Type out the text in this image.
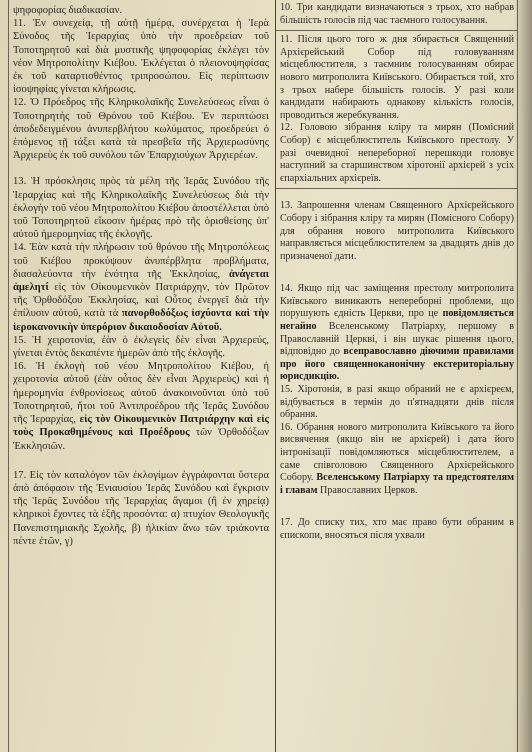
ψηφοφορίας διαδικασίαν.

11. Ἐν συνεχείᾳ, τῇ αὐτῇ ἡμέρᾳ, συνέρχεται ἡ Ἱερὰ Σύνοδος τῆς Ἱεραρχίας ὑπὸ τὴν προεδρείαν τοῦ Τοποτηρητοῦ καὶ διὰ μυστικῆς ψηφοφορίας ἐκλέγει τὸν νέον Μητροπολίτην Κιέβου. Ἐκλέγεται ὁ πλειονοψηφίσας ἐκ τοῦ καταρτισθέντος τριπροσώπου. Εἰς περίπτωσιν ἰσοψηφίας γίνεται κλήρωσις.

12. Ὁ Πρόεδρος τῆς Κληρικολαϊκῆς Συνελεύσεως εἶναι ὁ Τοποτηρητὴς τοῦ Θρόνου τοῦ Κιέβου. Ἐν περιπτώσει ἀποδεδειγμένου ἀνυπερβλήτου κωλύματος, προεδρεύει ὁ ἑπόμενος τῇ τάξει κατὰ τὰ πρεσβεῖα τῆς Ἀρχιερωσύνης Ἀρχιερεὺς ἐκ τοῦ συνόλου τῶν Ἐπαρχιούχων Ἀρχιερέων.

13. Ἡ πρόσκλησις πρὸς τὰ μέλη τῆς Ἱερᾶς Συνόδου τῆς Ἱεραρχίας καὶ τῆς Κληρικολαϊκῆς Συνελεύσεως διὰ τὴν ἐκλογὴν τοῦ νέου Μητροπολίτου Κιέβου ἀποστέλλεται ὑπὸ τοῦ Τοποτηρητοῦ εἴκοσιν ἡμέρας πρὸ τῆς ὁρισθείσης ὑπ' αὐτοῦ ἡμερομηνίας τῆς ἐκλογῆς.

14. Ἐὰν κατὰ τὴν πλήρωσιν τοῦ θρόνου τῆς Μητροπόλεως τοῦ Κιέβου προκύψουν ἀνυπέρβλητα προβλήματα, διασαλεύοντα τὴν ἑνότητα τῆς Ἐκκλησίας, ἀνάγεται ἀμελητί εἰς τὸν Οἰκουμενικὸν Πατριάρχην, τὸν Πρῶτον τῆς Ὀρθοδόξου Ἐκκλησίας, καὶ Οὗτος ἐνεργεῖ διὰ τὴν ἐπίλυσιν αὐτοῦ, κατὰ τὰ πανορθοδόξως ἰσχύοντα καὶ τὴν ἱεροκανονικὴν ὑπερόριον δικαιοδοσίαν Αὐτοῦ.

15. Ἡ χειροτονία, ἐὰν ὁ ἐκλεγεὶς δὲν εἶναι Ἀρχιερεύς, γίνεται ἐντὸς δεκαπέντε ἡμερῶν ἀπὸ τῆς ἐκλογῆς.

16. Ἡ ἐκλογὴ τοῦ νέου Μητροπολίτου Κιέβου, ἡ χειροτονία αὐτοῦ (ἐὰν οὗτος δὲν εἶναι Ἀρχιερεὺς) καὶ ἡ ἡμερομηνία ἐνθρονίσεως αὐτοῦ ἀνακοινοῦνται ὑπὸ τοῦ Τοποτηρητοῦ, ἤτοι τοῦ Ἀντιπροέδρου τῆς Ἱερᾶς Συνόδου τῆς Ἱεραρχίας, εἰς τὸν Οἰκουμενικὸν Πατριάρχην καὶ εἰς τοὺς Προκαθημένους καὶ Προέδρους τῶν Ὀρθοδόξων Ἐκκλησιῶν.

17. Εἰς τὸν καταλόγον τῶν ἐκλογίμων ἐγγράφονται ὕστερα ἀπὸ ἀπόφασιν τῆς Ἐνιαυσίου Ἱερᾶς Συνόδου καὶ ἔγκρισιν τῆς Ἱερᾶς Συνόδου τῆς Ἱεραρχίας ἄγαμοι (ἢ ἐν χηρείᾳ) κληρικοὶ ἔχοντες τὰ ἑξῆς προσόντα: α) πτυχίον Θεολογικῆς Πανεπιστημιακῆς Σχολῆς, β) ἡλικίαν ἄνω τῶν τριάκοντα πέντε ἐτῶν, γ)

10. Три кандидати визначаються з трьох, хто набрав більшість голосів під час таємного голосування.

11. Після цього того ж дня збирається Священний Архієрейський Собор під головуванням місцеблюстителя, з таємним голосуванням обирає нового митрополита Київського. Обирається той, хто з трьох набере більшість голосів. У разі коли кандидати набирають однакову кількість голосів, проводиться жеребкування.

12. Головою зібрання кліру та мирян (Помісний Собор) є місцеблюститель Київського престолу. У разі очевидної непереборної перешкоди головує наступний за старшинством хіротонії архієрей з усіх єпархіальних архієреїв.

13. Запрошення членам Священного Архієрейського Собору і зібрання кліру та мирян (Помісного Собору) для обрання нового митрополита Київського направляється місцеблюстителем за двадцять днів до призначеної дати.

14. Якщо під час заміщення престолу митрополита Київського виникають непереборні проблеми, що порушують єдність Церкви, про це повідомляється негайно Вселенському Патріарху, першому в Православній Церкві, і він шукає рішення цього, відповідно до всеправославно діючими правилами про його священноканонічну екстериторіальну юрисдикцію.

15. Хіротонія, в разі якщо обраний не є архієреєм, відбувається в термін до п'ятнадцяти днів після обрання.

16. Обрання нового митрополита Київського та його висвячення (якщо він не архієрей) і дата його інтронізації повідомляються місцеблюстителем, а саме співголовою Священного Архієрейського Собору. Вселенському Патріарху та предстоятелям і главам Православних Церков.

17. До списку тих, хто має право бути обраним в єпископи, вносяться після ухвали
